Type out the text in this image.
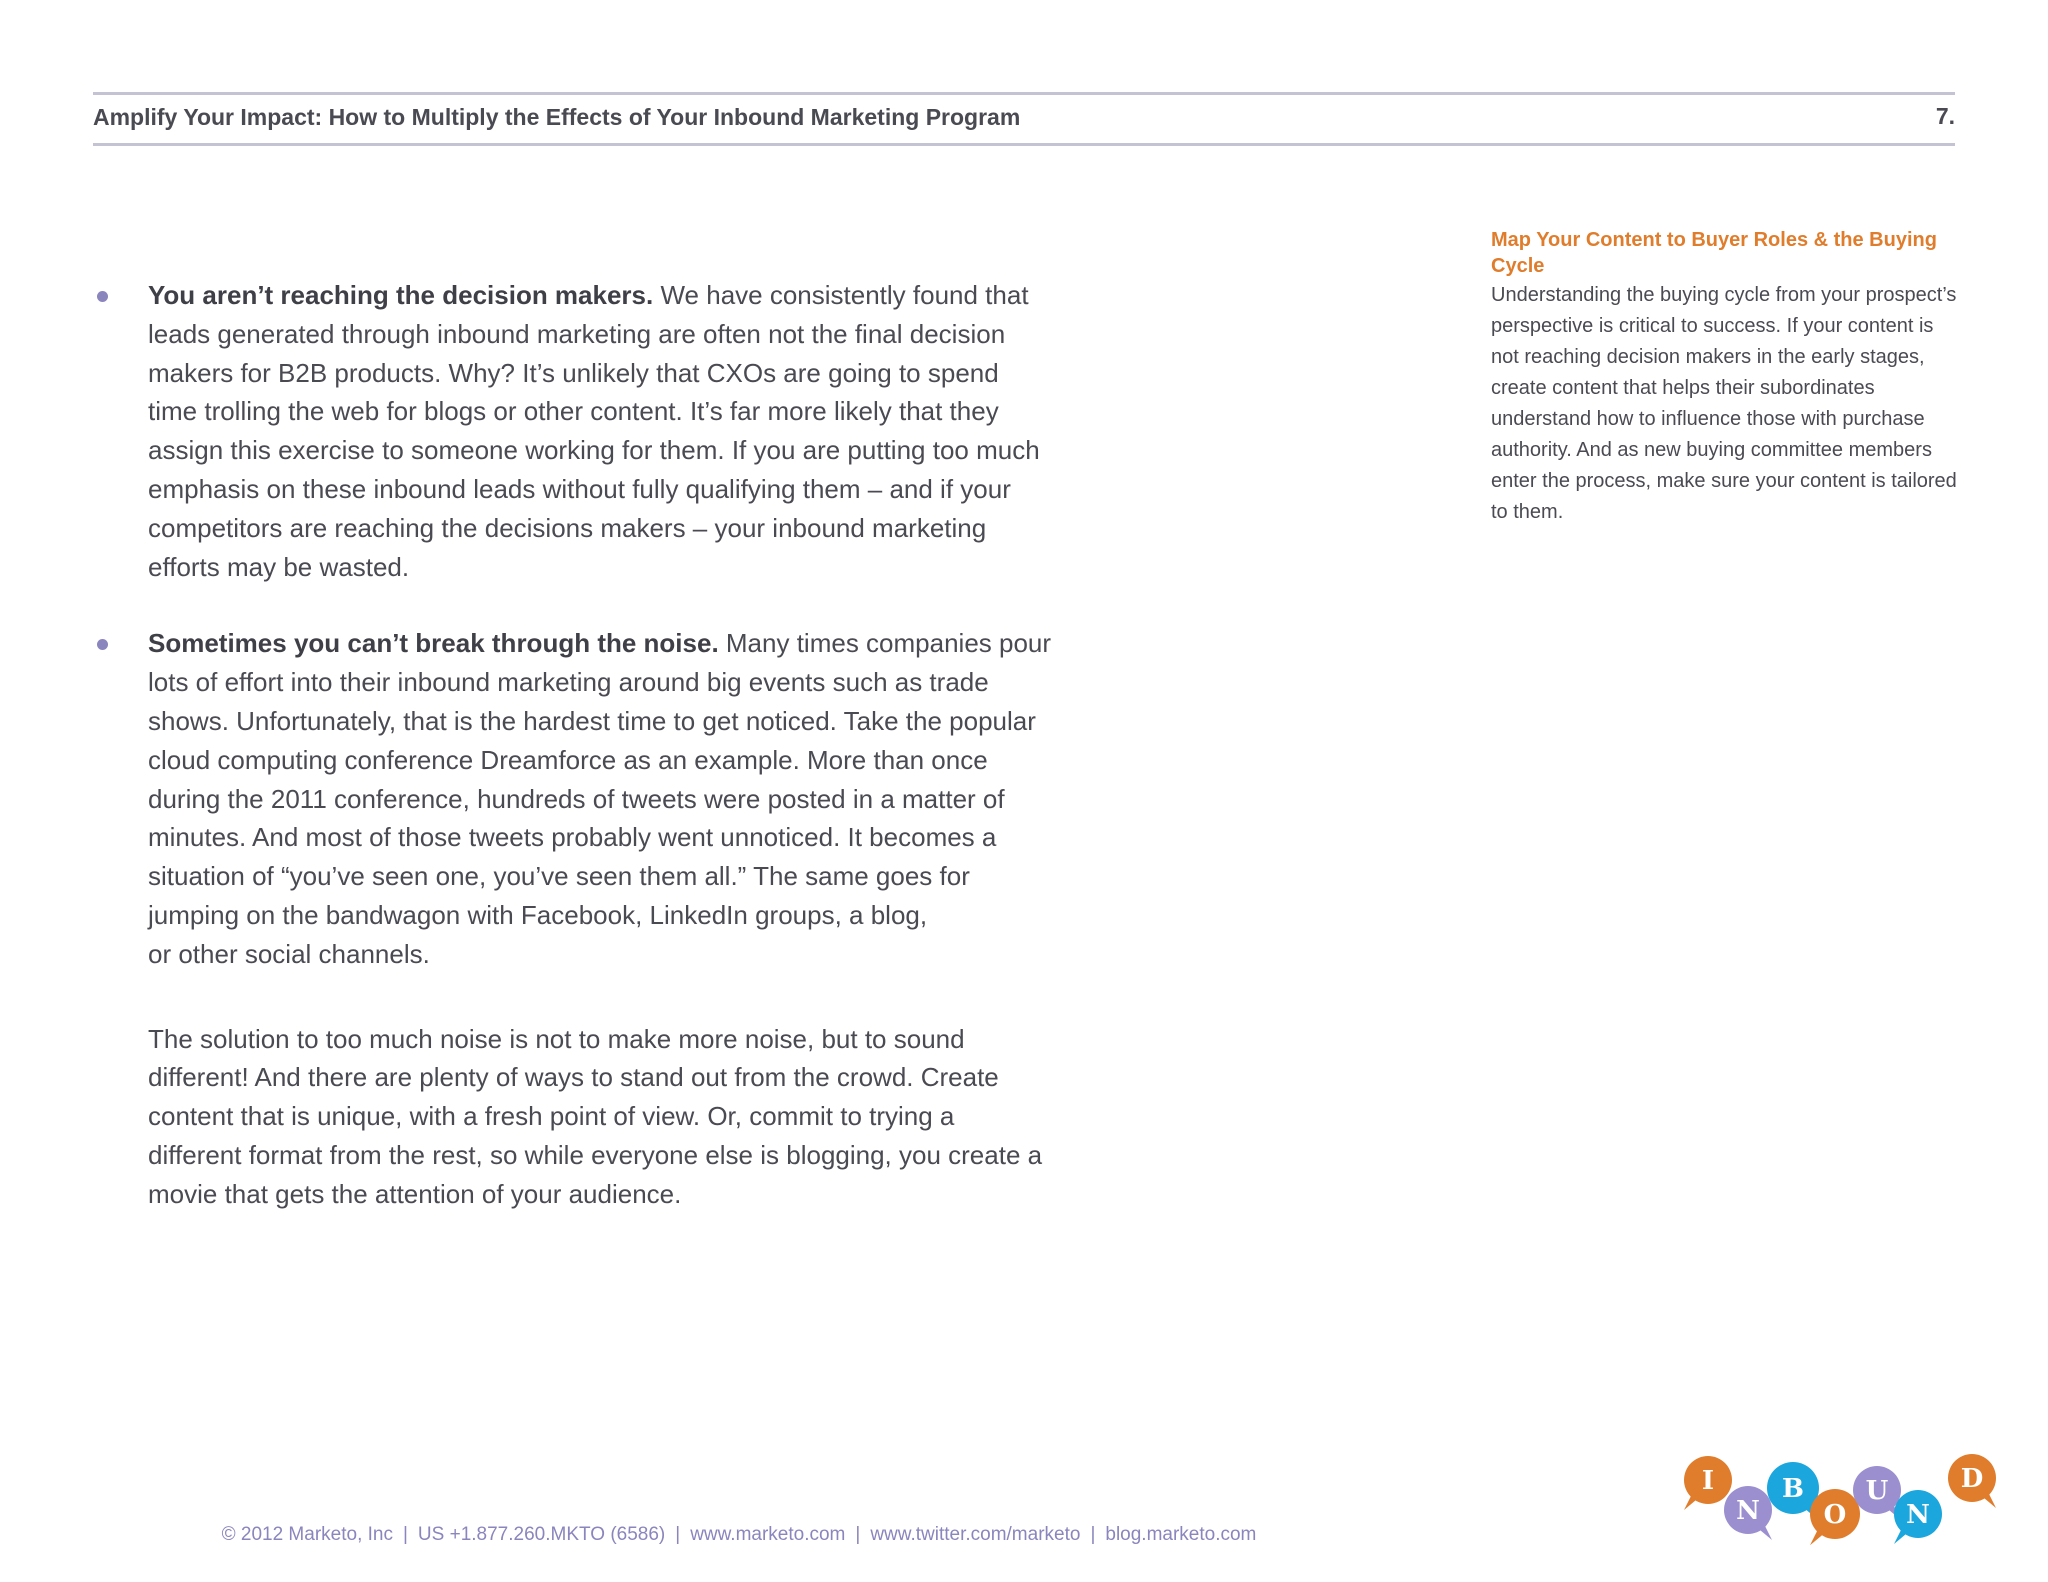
Amplify Your Impact: How to Multiply the Effects of Your Inbound Marketing Program	7.

You aren’t reaching the decision makers. We have consistently found that leads generated through inbound marketing are often not the final decision makers for B2B products. Why? It’s unlikely that CXOs are going to spend time trolling the web for blogs or other content. It’s far more likely that they assign this exercise to someone working for them. If you are putting too much emphasis on these inbound leads without fully qualifying them – and if your competitors are reaching the decisions makers – your inbound marketing efforts may be wasted.

Sometimes you can’t break through the noise. Many times companies pour lots of effort into their inbound marketing around big events such as trade shows. Unfortunately, that is the hardest time to get noticed. Take the popular cloud computing conference Dreamforce as an example. More than once during the 2011 conference, hundreds of tweets were posted in a matter of minutes. And most of those tweets probably went unnoticed. It becomes a situation of “you’ve seen one, you’ve seen them all.” The same goes for jumping on the bandwagon with Facebook, LinkedIn groups, a blog,

or other social channels.

The solution to too much noise is not to make more noise, but to sound different! And there are plenty of ways to stand out from the crowd. Create content that is unique, with a fresh point of view. Or, commit to trying a different format from the rest, so while everyone else is blogging, you create a movie that gets the attention of your audience.

Map Your Content to Buyer Roles & the Buying Cycle
Understanding the buying cycle from your prospect’s perspective is critical to success. If your content is not reaching decision makers in the early stages, create content that helps their subordinates understand how to influence those with purchase authority. And as new buying committee members enter the process, make sure your content is tailored to them.
© 2012 Marketo, Inc | US +1.877.260.MKTO (6586) | www.marketo.com | www.twitter.com/marketo | blog.marketo.com
I
N
B
O
U
N
D
